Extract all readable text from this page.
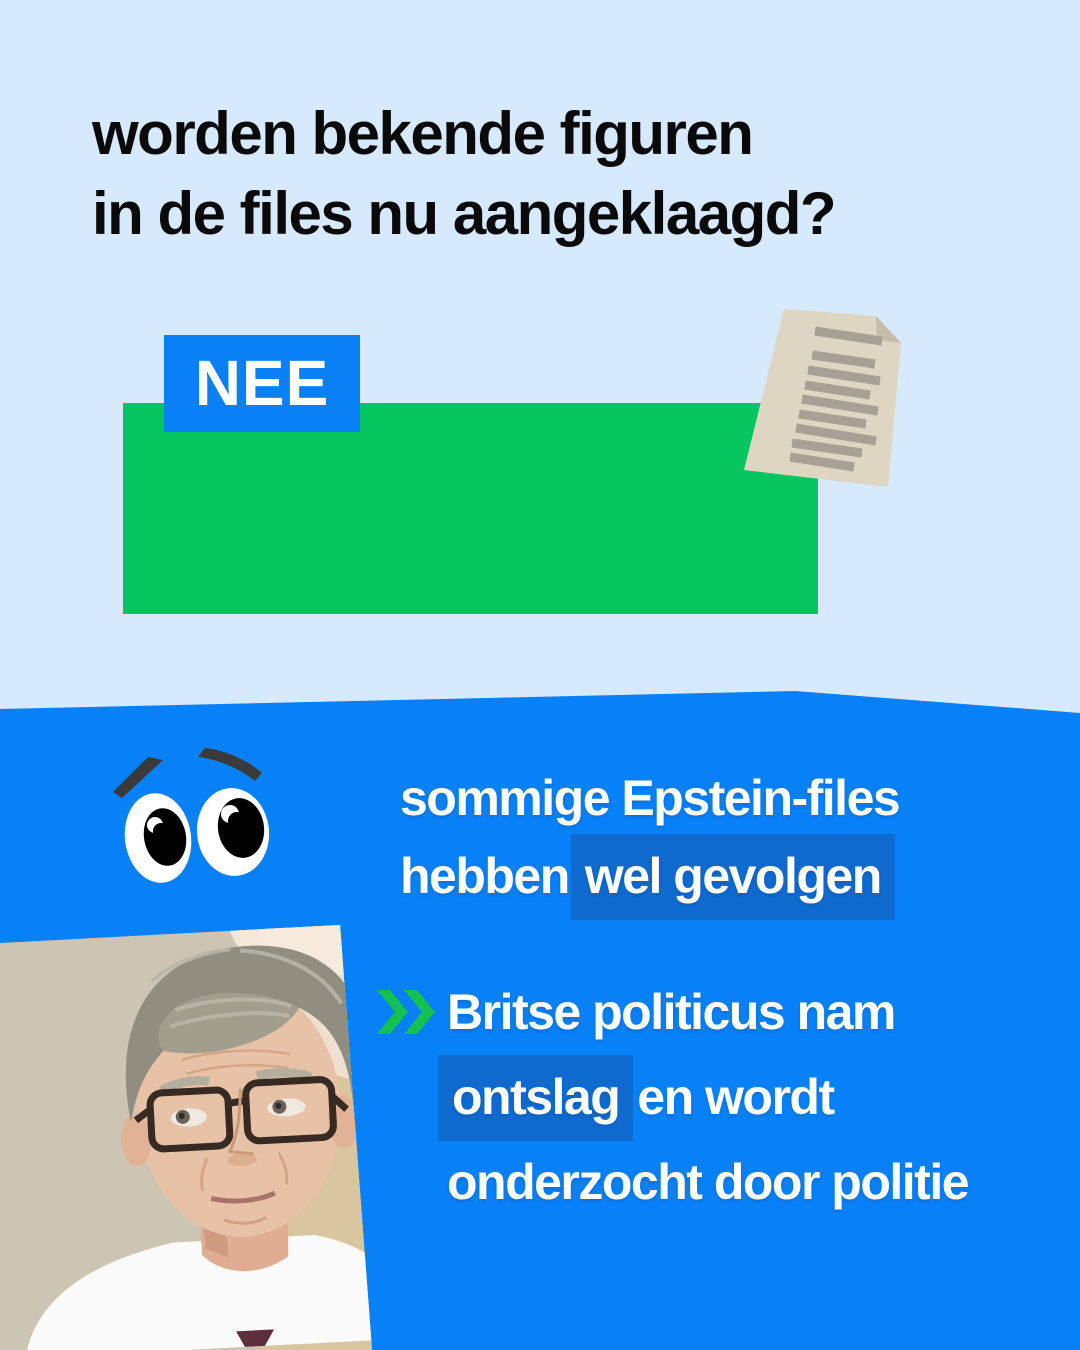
worden bekende figuren
in de files nu aangeklaagd?
NEE
sommige Epstein-files
hebben wel gevolgen
Britse politicus nam
ontslag en wordt
onderzocht door politie
